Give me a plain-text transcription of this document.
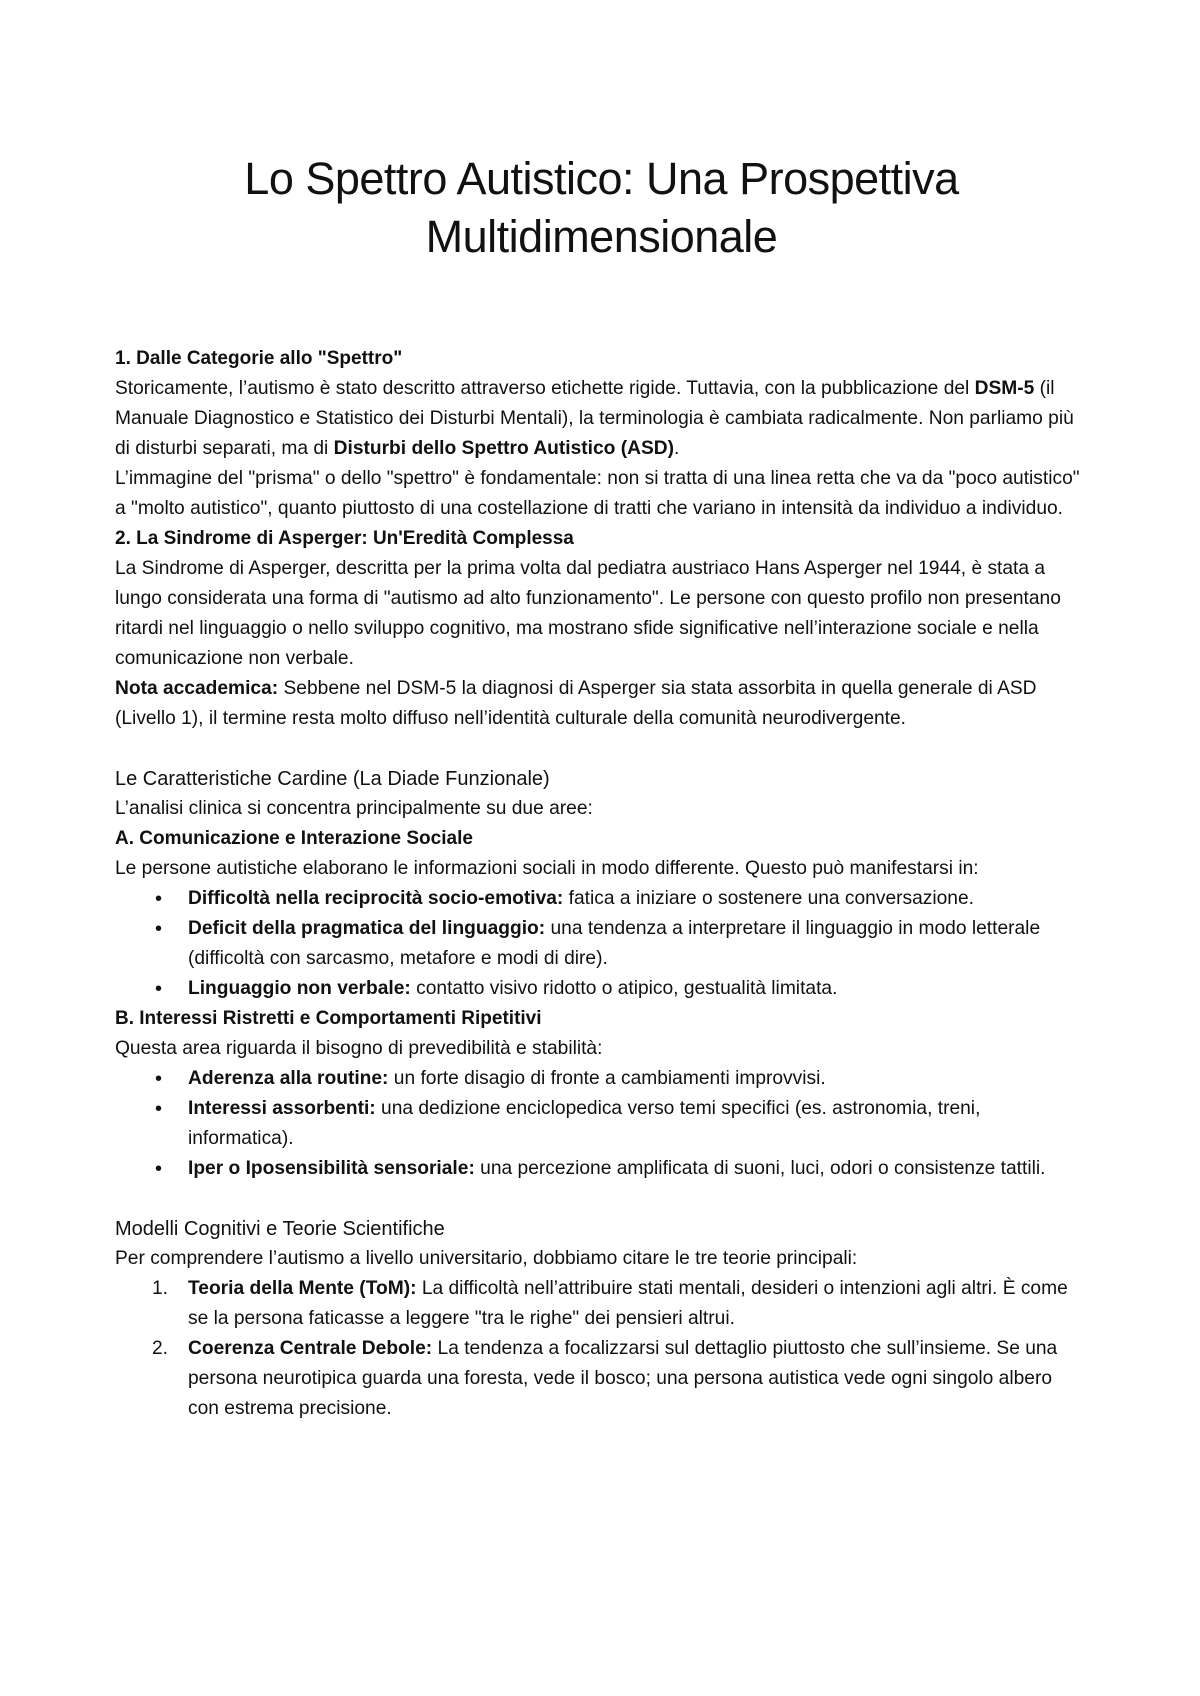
Lo Spettro Autistico: Una Prospettiva Multidimensionale

1. Dalle Categorie allo "Spettro"

Storicamente, l’autismo è stato descritto attraverso etichette rigide. Tuttavia, con la pubblicazione del DSM-5 (il Manuale Diagnostico e Statistico dei Disturbi Mentali), la terminologia è cambiata radicalmente. Non parliamo più di disturbi separati, ma di Disturbi dello Spettro Autistico (ASD).

L’immagine del "prisma" o dello "spettro" è fondamentale: non si tratta di una linea retta che va da "poco autistico" a "molto autistico", quanto piuttosto di una costellazione di tratti che variano in intensità da individuo a individuo.

2. La Sindrome di Asperger: Un'Eredità Complessa

La Sindrome di Asperger, descritta per la prima volta dal pediatra austriaco Hans Asperger nel 1944, è stata a lungo considerata una forma di "autismo ad alto funzionamento". Le persone con questo profilo non presentano ritardi nel linguaggio o nello sviluppo cognitivo, ma mostrano sfide significative nell’interazione sociale e nella comunicazione non verbale.

Nota accademica: Sebbene nel DSM-5 la diagnosi di Asperger sia stata assorbita in quella generale di ASD (Livello 1), il termine resta molto diffuso nell’identità culturale della comunità neurodivergente.

Le Caratteristiche Cardine (La Diade Funzionale)

L’analisi clinica si concentra principalmente su due aree:

A. Comunicazione e Interazione Sociale

Le persone autistiche elaborano le informazioni sociali in modo differente. Questo può manifestarsi in:

• Difficoltà nella reciprocità socio-emotiva: fatica a iniziare o sostenere una conversazione.
• Deficit della pragmatica del linguaggio: una tendenza a interpretare il linguaggio in modo letterale (difficoltà con sarcasmo, metafore e modi di dire).
• Linguaggio non verbale: contatto visivo ridotto o atipico, gestualità limitata.

B. Interessi Ristretti e Comportamenti Ripetitivi

Questa area riguarda il bisogno di prevedibilità e stabilità:

• Aderenza alla routine: un forte disagio di fronte a cambiamenti improvvisi.
• Interessi assorbenti: una dedizione enciclopedica verso temi specifici (es. astronomia, treni, informatica).
• Iper o Iposensibilità sensoriale: una percezione amplificata di suoni, luci, odori o consistenze tattili.

Modelli Cognitivi e Teorie Scientifiche

Per comprendere l’autismo a livello universitario, dobbiamo citare le tre teorie principali:

1. Teoria della Mente (ToM): La difficoltà nell’attribuire stati mentali, desideri o intenzioni agli altri. È come se la persona faticasse a leggere "tra le righe" dei pensieri altrui.
2. Coerenza Centrale Debole: La tendenza a focalizzarsi sul dettaglio piuttosto che sull’insieme. Se una persona neurotipica guarda una foresta, vede il bosco; una persona autistica vede ogni singolo albero con estrema precisione.
